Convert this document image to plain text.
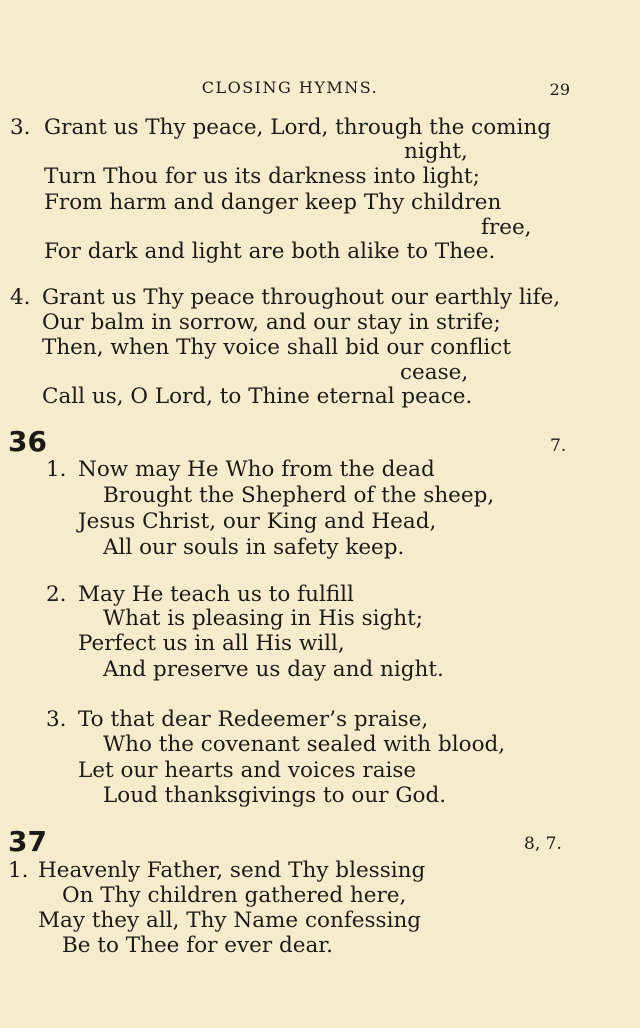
CLOSING HYMNS.	29
3. Grant us Thy peace, Lord, through the coming
night,
Turn Thou for us its darkness into light;
From harm and danger keep Thy children
free,
For dark and light are both alike to Thee.
4. Grant us Thy peace throughout our earthly life,
Our balm in sorrow, and our stay in strife;
Then, when Thy voice shall bid our conflict
cease,
Call us, O Lord, to Thine eternal peace.
36	7.
1. Now may He Who from the dead
Brought the Shepherd of the sheep,
Jesus Christ, our King and Head,
All our souls in safety keep.
2. May He teach us to fulfill
What is pleasing in His sight;
Perfect us in all His will,
And preserve us day and night.
3. To that dear Redeemer’s praise,
Who the covenant sealed with blood,
Let our hearts and voices raise
Loud thanksgivings to our God.
37	8, 7.
1. Heavenly Father, send Thy blessing
On Thy children gathered here,
May they all, Thy Name confessing
Be to Thee for ever dear.
